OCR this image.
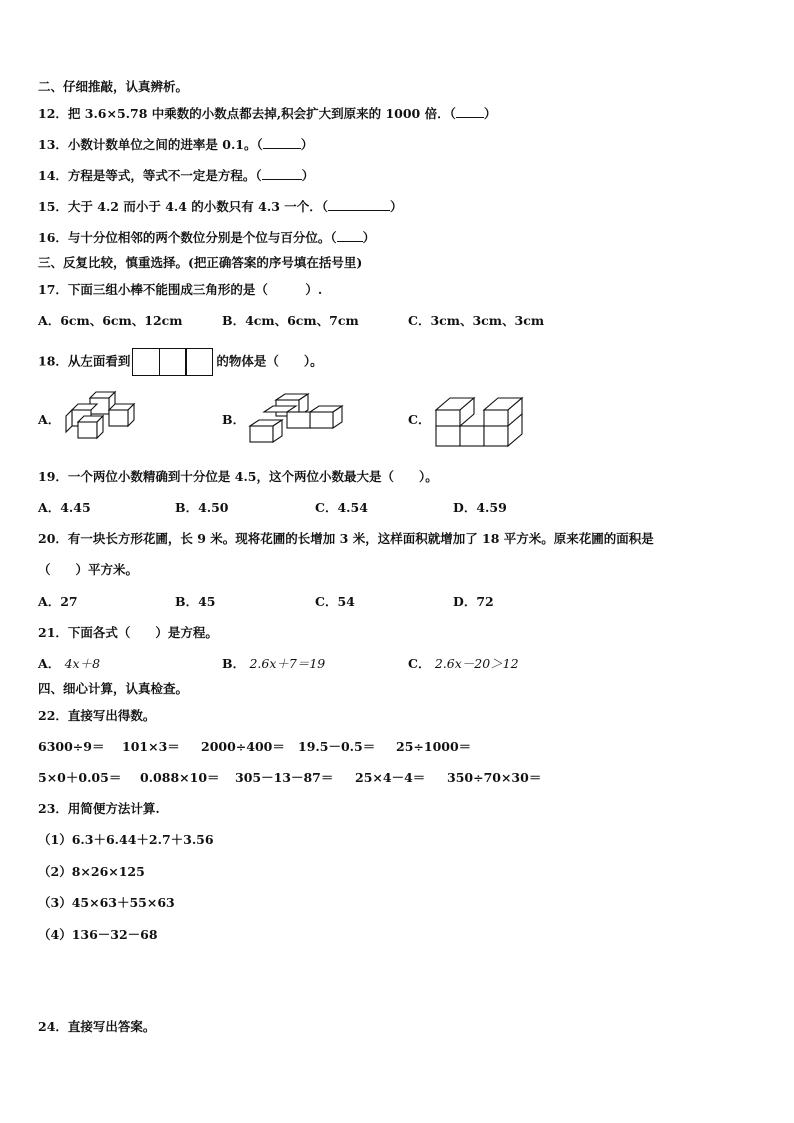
二、仔细推敲，认真辨析。
12．把 3.6×5.78 中乘数的小数点都去掉,积会扩大到原来的 1000 倍．（ ）
13．小数计数单位之间的进率是 0.1。（	）
14．方程是等式，等式不一定是方程。（	）
15．大于 4.2 而小于 4.4 的小数只有 4.3 一个．（	）
16．与十分位相邻的两个数位分别是个位与百分位。（ ）
三、反复比较，慎重选择。(把正确答案的序号填在括号里)
17．下面三组小棒不能围成三角形的是（　　　）.
A．6cm、6cm、12cm	B．4cm、6cm、7cm	C．3cm、3cm、3cm
18．从左面看到	的物体是（　　）。
A．	B．	C．
19．一个两位小数精确到十分位是 4.5，这个两位小数最大是（　　）。
A．4.45	B．4.50	C．4.54	D．4.59
20．有一块长方形花圃，长 9 米。现将花圃的长增加 3 米，这样面积就增加了 18 平方米。原来花圃的面积是
（　　）平方米。
A．27	B．45	C．54	D．72
21．下面各式（　　）是方程。
A． 4x＋8	B． 2.6x＋7＝19	C． 2.6x－20＞12
四、细心计算，认真检查。
22．直接写出得数。
6300÷9＝ 101×3＝ 2000÷400＝ 19.5－0.5＝ 25÷1000＝
5×0＋0.05＝ 0.088×10＝ 305－13－87＝ 25×4－4＝ 350÷70×30＝
23．用简便方法计算.
（1）6.3＋6.44＋2.7＋3.56
（2）8×26×125
（3）45×63＋55×63
（4）136－32－68
24．直接写出答案。
